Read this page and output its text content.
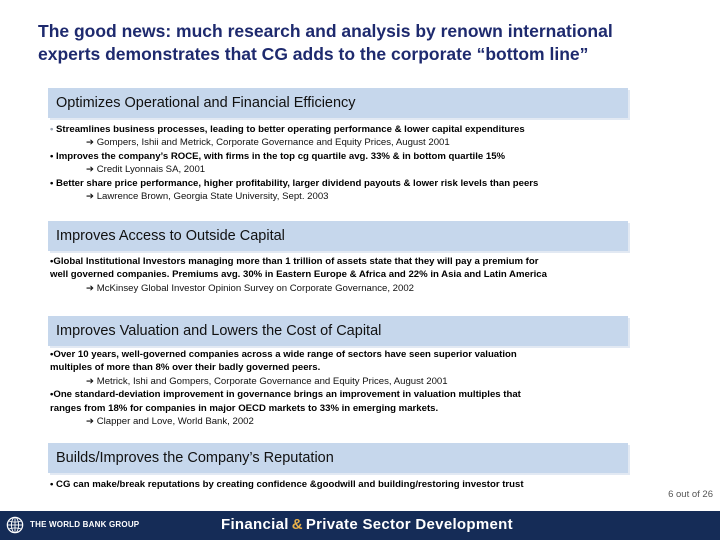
The good news: much research and analysis by renown international
experts demonstrates that CG adds to the corporate “bottom line”
Optimizes Operational and Financial Efficiency

• Streamlines business processes, leading to better operating performance & lower capital expenditures

➔ Gompers, Ishii and Metrick, Corporate Governance and Equity Prices, August 2001

• Improves the company’s ROCE, with firms in the top cg quartile avg. 33% & in bottom quartile 15%

➔ Credit Lyonnais SA, 2001

• Better share price performance, higher profitability, larger dividend payouts & lower risk levels than peers

➔ Lawrence Brown, Georgia State University, Sept. 2003

Improves Access to Outside Capital

•Global Institutional Investors managing more than 1 trillion of assets state that they will pay a premium for

well governed companies. Premiums avg. 30% in Eastern Europe & Africa and 22% in Asia and Latin America

➔ McKinsey Global Investor Opinion Survey on Corporate Governance, 2002

Improves Valuation and Lowers the Cost of Capital

•Over 10 years, well-governed companies across a wide range of sectors have seen superior valuation

multiples of more than 8% over their badly governed peers.

➔ Metrick, Ishi and Gompers, Corporate Governance and Equity Prices, August 2001

•One standard-deviation improvement in governance brings an improvement in valuation multiples that

ranges from 18% for companies in major OECD markets to 33% in emerging markets.

➔ Clapper and Love, World Bank, 2002

Builds/Improves the Company’s Reputation

• CG can make/break reputations by creating confidence &goodwill and building/restoring investor trust

6 out of 26
THE WORLD BANK GROUP	Financial & Private Sector Development
